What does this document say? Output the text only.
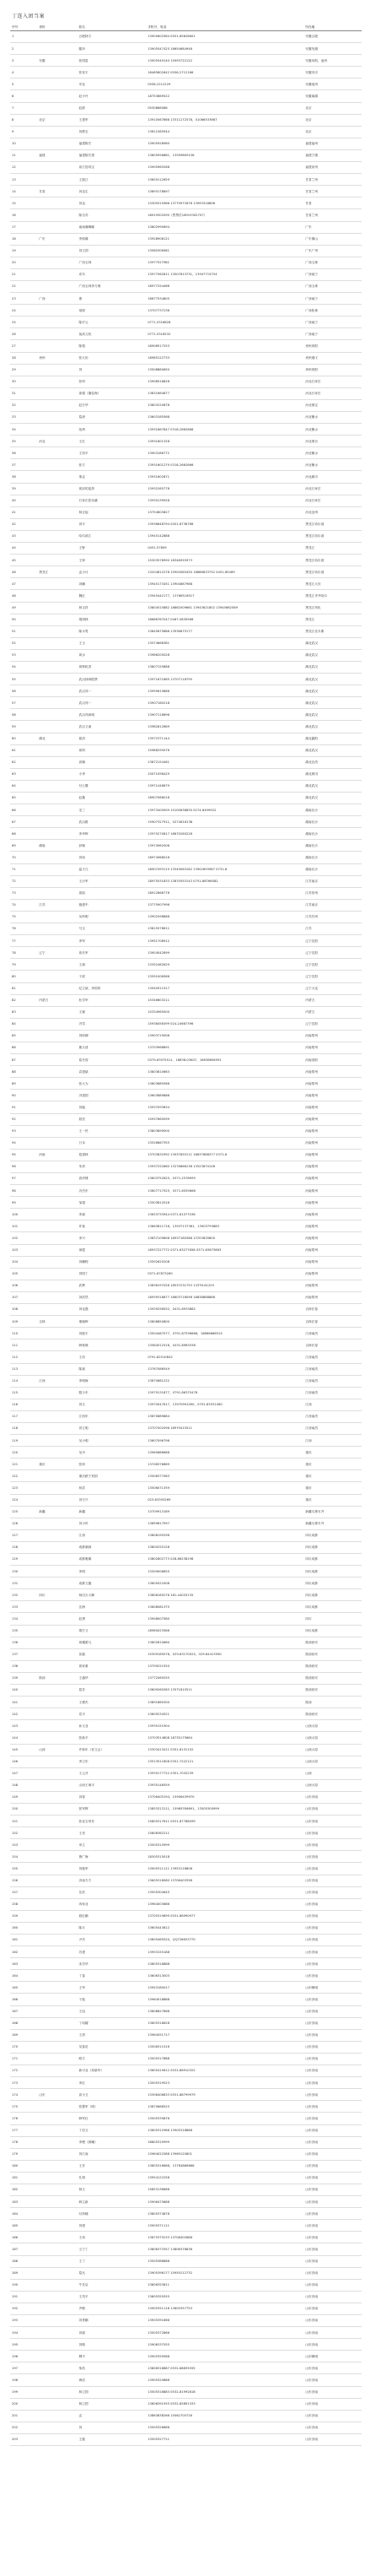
丁连入团当案
序号	省份	姓名	手机号、电话	所在地
1		合肥林方	13905602564 0551-65626601	安徽合肥
2		滕冲	13905547425 18654684948	安徽芜湖
3	安徽	张国富	13905549140 15993722122	安徽阜阳、池州
4		张晋宇	18465802642 0556-2712166	安徽安庆
5		安化	0558-2212229	安徽亳州
6		赵小丹	18753869522	安徽巢湖
7		赵跃	0530866086	北京
8	北京	王建军	13910567866 13311272578，01066533667	北京
9		刘教宝	13611065944	北京
10		福建陈宏	13905928960	福建福州
11	福建	福建陈宏建	13805956881，13599809136	福建宁德
12		泉江居同宝	13905965268	福建泉州
13		王振江	13605112659	甘肃兰州
14	甘肃	刘良生	13893178897	甘肃兰州
15		刘良	13309315966 13779972678 13993316898	甘肃
16		陈自苏	18919302090（售票员18919302707）	甘肃兰州
17		南雨澜琳娜	13802990694	广东
18	广东	李积臻	13928908121	广东佛山
19		刘文国	13580306981	广东广州
20		广西玉林	13977527981	广西玉林
21		邓东	13977562811 13507813731，13907715754	广西南宁
22		广西玉林李方理	18977254466	广西玉林
23	广西	康	18677534805	广西南宁
24		梁树	13707737236	广西桂林
25		陈岁云	0771-5316828	广西南宁
26		莫高文机	0771-5316532	广西南宁
27		陈根	18908517253	贵州贵阳
28	贵州	张大田	18985122733	贵州遵义
29		刘	13508860650	贵州贵阳
30		张科	13908516828	河北石家庄
31		姜德（董伦海）	13831664877	河北石家庄
32		赵宏华	13803220878	河北保定
33		葛涛	13603185568	河北衡水
34		范琦	13931667847 0318-2662666	河北衡水
35	河北	王红	13931601328	河北邢台
36		王钧平	13903186772	河北衡水
37		张方	13931601279 0318-2662666	河北衡水
38		邢孟	13931602871	河北廊坊
39		孤前的蓝剑	13932265778	河北石家庄
40		石家庄张至谦	13930139928	河北石家庄
41		林正起	13754603827	河北沧州
42		刘宇	13936648794 0451-8736786	黑龙江哈尔滨
43		哈尔滨江	13945142888	黑龙江哈尔滨
44		王野	0451-57809	黑龙江
45		王帅	15303578990 18346555973	黑龙江哈尔滨
46	黑龙江	孟小月	13204612278 15904565450 18686833752 0451-85469	黑龙江哈尔滨
47		刘鹏	13945173451 13904887988	黑龙江大庆
48		魏红	13945442177，13766516517	黑龙江齐齐哈尔
49		林玉祥	13804515882 18662009661 13943621802 13945662589	黑龙江绥化
50		胡国林	18666767047 0467-5630566	黑龙江
51		陈永男	13845675888 13936675177	黑龙江佳木斯
52		王玉	13574666381	湖北武汉
53		周水	13986205028	湖北武汉
54		周桥乾香	13807155888	湖北武汉
55		武汉绿林股票	13971671665 13707118795	湖北武汉
56		武汉邦一	13995619866	湖北武汉
57		武汉邦一	13907180218	湖北武汉
58		武汉邦商城	13907118696	湖北武汉
59		武汉义童	13982812669	湖北武汉
60	湖北	夏清	13972371144	湖北襄阳
61		周科	15986295076	湖北武汉
62		高顺	13872154461	湖北宜昌
63		小李	15071098429	湖北黄冈
64		付公馨	13971448679	湖北武汉
65		赵鑫	18907066018	湖北武汉
66		龙三	13973400909 15100638830 0274-8499922	湖南长沙
67		武汉路	15907327911，0274616138	湖南长沙
68		李华晖	13975270817 18670260228	湖南长沙
69	湖南	彭婉	13974962006	湖南长沙
70		刘伟	18974968018	湖南长沙
71		温义凡	18907493119 13349063162 13902693987 0731-8	湖南长沙
72		王沙军	18975531833 13870553143 0751-88766082	江苏南京
73		周凯	18912668778	江苏常州
74	江苏	施建中	13775907996	江苏南京
75		吴科明	13902598888	江苏苏州
76		马玉	13815578611	江苏
77		李军	13951708912	辽宁沈阳
78	辽宁	周长军	13904042899	辽宁沈阳
79		王斌	13352462629	辽宁沈阳
80		于波	13591006566	辽宁沈阳
81		纪立斌、李国育	13940911917	辽宁大连
82	内蒙古	杜学军	15346603211	内蒙古
83		王颖	15334965000	内蒙古
84		冯雪	15938456399 024-24667396	辽宁沈阳
85		刘欣卿	13903719006	河南郑州
86		栗丘清	13703968891	河南郑州
87		葛冬智	0379-63975511，18638-03607，16638656591	河南洛阳
88		袁建斌	13803810663	河南郑州
89		张大为	13603889366	河南郑州
90		冯建国	13603889886	河南郑州
91		刘毅	13937093834	河南郑州
92		段亮	15937665099	河南郑州
93		王一民	13803899000	河南郑州
94		日本	13526867355	河南郑州
95	河南	葛建林	13703832992 13937855111 18637888377 0371-6	河南郑州
96		朱萍	13937252660 13276868138 13523870108	河南郑州
97		高伊捷	13603752625，0371-2578995	河南郑州
98		冯杰东	13607717525，0371-6555666	河南郑州
99		邹超	13503812016	河南郑州
100		李斌	13633733944 0371-61577036	河南郑州
101		作客	13663811718，13937137381，13903793883	河南郑州
102		李兴	13837109808 18937180388 13703835800	河南郑州
103		徐霞	18937227772 0371-63277658 0371-63673663	河南郑州
104		刘鹏程	13592620208	河南郑州
105		刘园丁	0371-67873260	河南郑州
106		武辉	13836197026 18537231753 13376-61203	河南郑州
107		刘浩然	18939316877 18603718098 18838888888	河南郑州
108		刘克强	13939256552，0431-8933882	吉林长春
109	吉林	秦朝晖	13808850800	吉林长春
110		刘振宇	13504467077，0791-87536666，18666666515	江西南昌
111		韩秋瑛	13584512516，0431-8983338	吉林长春
112		王培	0791-82510842	江西南昌
113		陈斌	13767086549	江西南昌
114	江西	李明海	13870681222	江西南昌
115		殷少东	13979131877，0791-86375478	江西南昌
116		刘文	13970047617，13970991090，0791-83531060	江西
117		江西东	13870689884	江西南昌
118		刘立明	13707002096 18979415511	江西南昌
119		吴小明	13607096796	江西
120		吴丹	13965886688	重庆
121	重庆	张萍	13708376669	重庆
122		重庆跌宁刘国	13508377083	重庆
123		何武	13506071359	重庆
124		刘方兴	023-63393269	重庆
125	新疆	新疆	13709913189	新疆乌鲁木齐
126		刘小民	13899817997	新疆乌鲁木齐
127		江涛	13808195296	四川成都
128		成都潮湃	13800255128	四川成都
129		成都雅娜	13802802773 028-86238198	四川成都
130		李明	13309006655	四川成都
131		成都文鑫	13605022008	四川成都
132	四川	杨田万大卿	13808185276 181-44025135	四川成都
133		沈海	13608081375	四川成都
134		赵勇	13908007580	四川
135		胡宏义	18980023586	四川成都
136		周耀霍凡	13802810660	陕西西安
137		苗磊	15309185078，029-83170025，029-84413590	陕西西安
138		周家重	13709221920	陕西西安
139	陕西	王越华	13772069255	陕西西安
140		葛芳	13609260363 13571815511	陕西西安
141		王俊杰	13891880300	陕西
142		党平	13609234521	陕西西安
143		孙文亚	13935151904	山西太原
144		张新平	13703514808 18735175664	山西太原
145	山西	许新年（晋文会）	13303413411 0351-6131152	山西太原
146		李卫东	13513511808 0351-7222121	山西太原
147		王云开	13935177722 0351-7032239	山西
148		山西王琢平	13935146559	山西太原
149		刘春	13706405194，15906439970	山东济南
150		张军辉	13853313111，15965356691，13505300999	山东济南
151		张亚宝荣芳	15805317611 0531-87788099	山东济南
152		王亮	15806362211	山东济南
153		申立	13505315999	山东济南
154		鲁广海	18305315018	山东济南
155		刘艳军	13905311111 13953116808	山东济南
156		济南方方	13605318080 13706403398	山东济南
157		岳武	13505304645	山东济南
158		冉家业	13964003686	山东济南
159		段红鹏	13705319899 0531-86990977	山东济南
160		陈月	13605443812	山东济南
161		尹杰	13605465520，QQ726653770	山东济南
162		苏建	13953155188	山东济南
163		宋学华	13805318888	山东济南
164		丁春	13606313003	山东济南
165		王军	13953180017	山东聊城
166		于振	13964018888	山东济南
167		王冠	13608627666	山东济南
168		丁绍耀	13605316628	山东济南
169		王剑	13964051717	山东济南
170		吴春花	13506311516	山东济南
171		路方	13505317888	山东济南
172		新可北（刘新华）	13605419612 0531-86910322	山东济南
173		李红	13505319523	山东济南
174	山东	高小卫	13306406833 0531-88799979	山东济南
175		张慧军（明）	13870686525	山东济南
176		韩军红	13505339876	山东济南
177		丁信文	13605312966 13905318888	山东济南
178		李俊（晨曦）	18805319999	山东济南
179		刘江南	13964022588 13969120801	山东济南
180		王芳	13805316666，13764866666	山东济南
181		孔明	13954122258	山东济南
182		林文	15853136666	山东济南
183		韩立新	13906475888	山东济南
184		付持娜	13805374878	山东济南
185		刘建	13905371111	山东济南
186		王伟	13675375233 13706402688	山东济南
187		文宁丁	13806373357 13806376838	山东济南
188		王丁	13505386888	山东济南
189		葛丛	13905396177 15955212732	山东济南
190		牛先启	13806353811	山东济南
191		王茂平	13605355555	山东济南
192		齐敬	13905351118 13605357753	山东济南
193		刘景鹏	13905391666	山东济南
194		刘斌	13505372866	山东济南
195		刘路	13906337555	山东济南
196		柳平	13905359588	山东聊城
197		邬浩	13806318887 0532-88835555	山东济南
198		海信	13905329888	山东济南
199		林卫国	13505316883 0532-81992818	山东济南
200		林卫国	13806391555 0532-85891333	山东济南
201		孟	13863838266 15062705726	山东济南
202		刘	13505326666	山东济南
203		王磊	13505327711	山东济南
